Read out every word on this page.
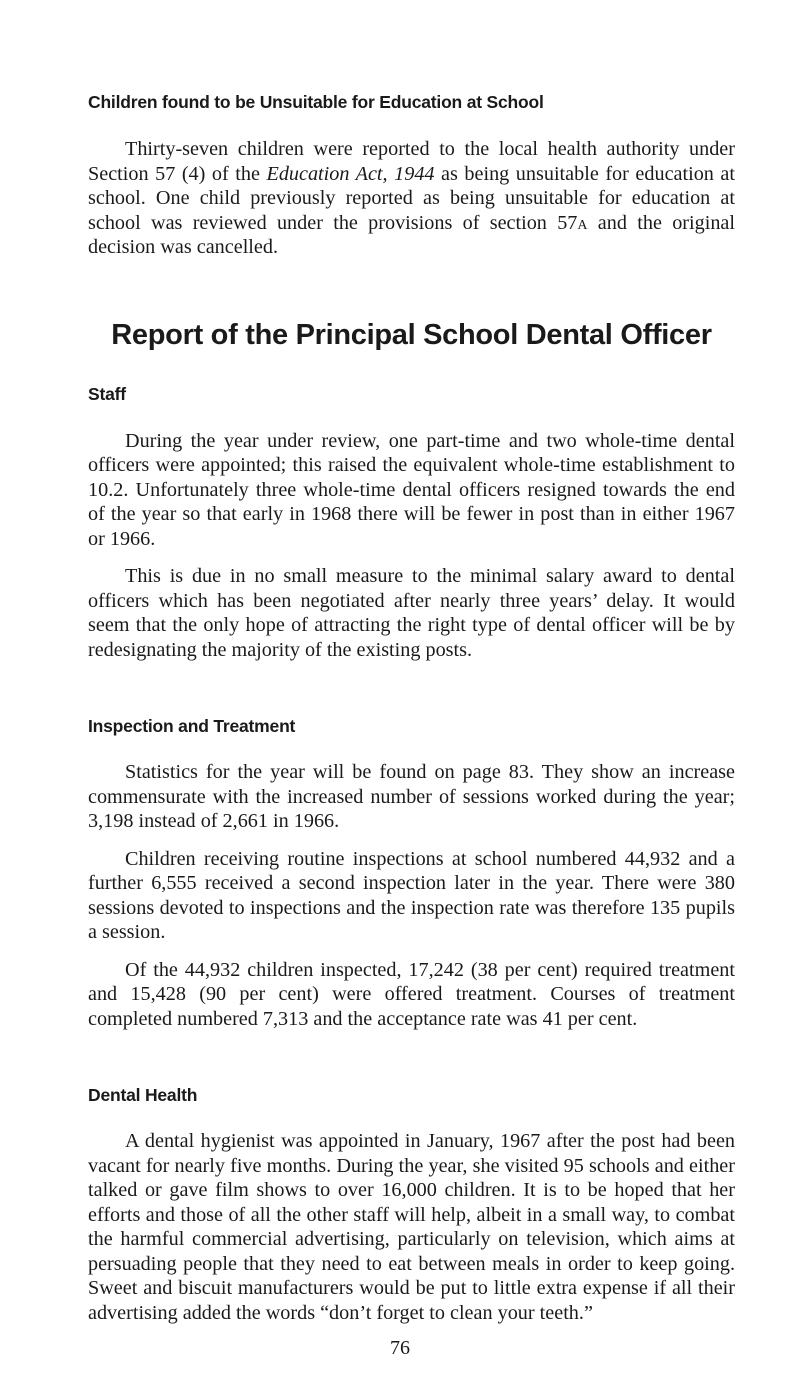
Children found to be Unsuitable for Education at School

Thirty-seven children were reported to the local health authority under Section 57 (4) of the Education Act, 1944 as being unsuitable for education at school. One child previously reported as being unsuitable for education at school was reviewed under the provisions of section 57a and the original decision was cancelled.

Report of the Principal School Dental Officer
Staff

During the year under review, one part-time and two whole-time dental officers were appointed; this raised the equivalent whole-time establishment to 10.2. Unfortunately three whole-time dental officers resigned towards the end of the year so that early in 1968 there will be fewer in post than in either 1967 or 1966.

This is due in no small measure to the minimal salary award to dental officers which has been negotiated after nearly three years’ delay. It would seem that the only hope of attracting the right type of dental officer will be by redesignating the majority of the existing posts.

Inspection and Treatment

Statistics for the year will be found on page 83. They show an increase commensurate with the increased number of sessions worked during the year; 3,198 instead of 2,661 in 1966.

Children receiving routine inspections at school numbered 44,932 and a further 6,555 received a second inspection later in the year. There were 380 sessions devoted to inspections and the inspection rate was therefore 135 pupils a session.

Of the 44,932 children inspected, 17,242 (38 per cent) required treatment and 15,428 (90 per cent) were offered treatment. Courses of treatment completed numbered 7,313 and the acceptance rate was 41 per cent.

Dental Health

A dental hygienist was appointed in January, 1967 after the post had been vacant for nearly five months. During the year, she visited 95 schools and either talked or gave film shows to over 16,000 children. It is to be hoped that her efforts and those of all the other staff will help, albeit in a small way, to combat the harmful commercial advertising, particularly on television, which aims at persuading people that they need to eat between meals in order to keep going. Sweet and biscuit manufacturers would be put to little extra expense if all their advertising added the words “don’t forget to clean your teeth.”

76
